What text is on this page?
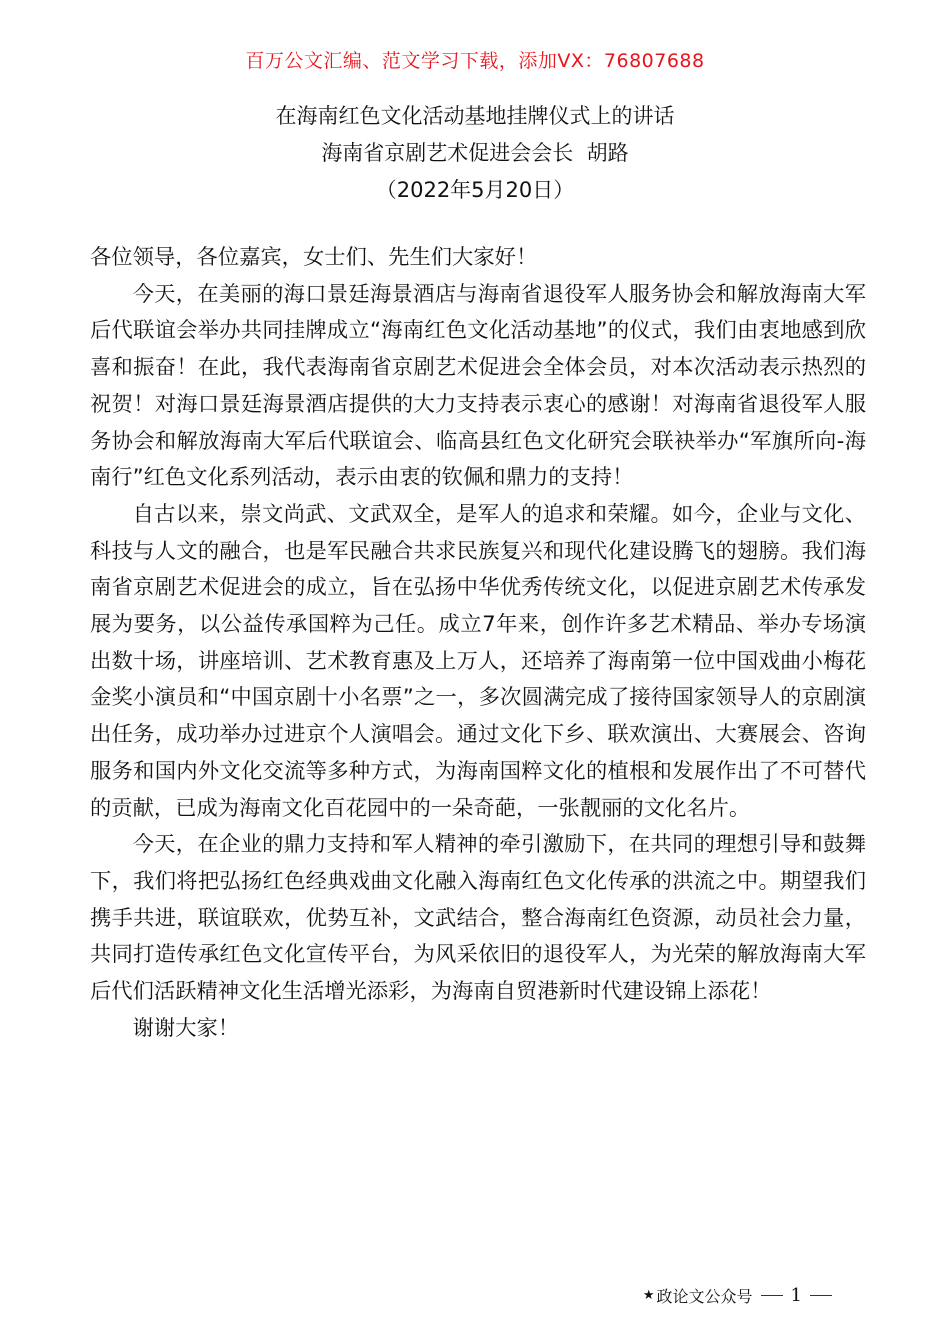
百万公文汇编、范文学习下载，添加VX：76807688
在海南红色文化活动基地挂牌仪式上的讲话
海南省京剧艺术促进会会长  胡路
（2022年5月20日）

各位领导，各位嘉宾，女士们、先生们大家好！

今天，在美丽的海口景廷海景酒店与海南省退役军人服务协会和解放海南大军后代联谊会举办共同挂牌成立“海南红色文化活动基地”的仪式，我们由衷地感到欣喜和振奋！在此，我代表海南省京剧艺术促进会全体会员，对本次活动表示热烈的祝贺！对海口景廷海景酒店提供的大力支持表示衷心的感谢！对海南省退役军人服务协会和解放海南大军后代联谊会、临高县红色文化研究会联袂举办“军旗所向-海南行”红色文化系列活动，表示由衷的钦佩和鼎力的支持！

自古以来，崇文尚武、文武双全，是军人的追求和荣耀。如今，企业与文化、科技与人文的融合，也是军民融合共求民族复兴和现代化建设腾飞的翅膀。我们海南省京剧艺术促进会的成立，旨在弘扬中华优秀传统文化，以促进京剧艺术传承发展为要务，以公益传承国粹为己任。成立7年来，创作许多艺术精品、举办专场演出数十场，讲座培训、艺术教育惠及上万人，还培养了海南第一位中国戏曲小梅花金奖小演员和“中国京剧十小名票”之一，多次圆满完成了接待国家领导人的京剧演出任务，成功举办过进京个人演唱会。通过文化下乡、联欢演出、大赛展会、咨询服务和国内外文化交流等多种方式，为海南国粹文化的植根和发展作出了不可替代的贡献，已成为海南文化百花园中的一朵奇葩，一张靓丽的文化名片。

今天，在企业的鼎力支持和军人精神的牵引激励下，在共同的理想引导和鼓舞下，我们将把弘扬红色经典戏曲文化融入海南红色文化传承的洪流之中。期望我们携手共进，联谊联欢，优势互补，文武结合，整合海南红色资源，动员社会力量，共同打造传承红色文化宣传平台，为风采依旧的退役军人，为光荣的解放海南大军后代们活跃精神文化生活增光添彩，为海南自贸港新时代建设锦上添花！

谢谢大家！

★ 政论文公众号 1
